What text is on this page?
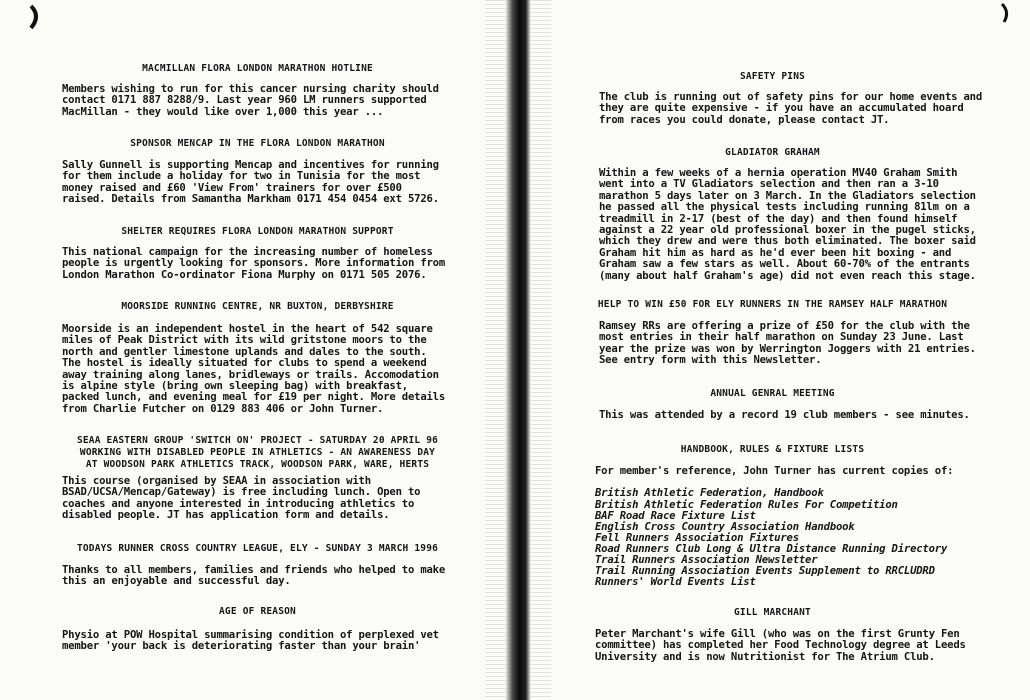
MACMILLAN FLORA LONDON MARATHON HOTLINE

Members wishing to run for this cancer nursing charity should
contact 0171 887 8288/9. Last year 960 LM runners supported
MacMillan - they would like over 1,000 this year ...

SPONSOR MENCAP IN THE FLORA LONDON MARATHON

Sally Gunnell is supporting Mencap and incentives for running
for them include a holiday for two in Tunisia for the most
money raised and £60 'View From' trainers for over £500
raised. Details from Samantha Markham 0171 454 0454 ext 5726.

SHELTER REQUIRES FLORA LONDON MARATHON SUPPORT

This national campaign for the increasing number of homeless
people is urgently looking for sponsors. More information from
London Marathon Co-ordinator Fiona Murphy on 0171 505 2076.

MOORSIDE RUNNING CENTRE, NR BUXTON, DERBYSHIRE

Moorside is an independent hostel in the heart of 542 square
miles of Peak District with its wild gritstone moors to the
north and gentler limestone uplands and dales to the south.
The hostel is ideally situated for clubs to spend a weekend
away training along lanes, bridleways or trails. Accomodation
is alpine style (bring own sleeping bag) with breakfast,
packed lunch, and evening meal for £19 per night. More details
from Charlie Futcher on 0129 883 406 or John Turner.

SEAA EASTERN GROUP 'SWITCH ON' PROJECT - SATURDAY 20 APRIL 96
WORKING WITH DISABLED PEOPLE IN ATHLETICS - AN AWARENESS DAY
AT WOODSON PARK ATHLETICS TRACK, WOODSON PARK, WARE, HERTS

This course (organised by SEAA in association with
BSAD/UCSA/Mencap/Gateway) is free including lunch. Open to
coaches and anyone interested in introducing athletics to
disabled people. JT has application form and details.

TODAYS RUNNER CROSS COUNTRY LEAGUE, ELY - SUNDAY 3 MARCH 1996

Thanks to all members, families and friends who helped to make
this an enjoyable and successful day.

AGE OF REASON

Physio at POW Hospital summarising condition of perplexed vet
member 'your back is deteriorating faster than your brain'

SAFETY PINS

The club is running out of safety pins for our home events and
they are quite expensive - if you have an accumulated hoard
from races you could donate, please contact JT.

GLADIATOR GRAHAM

Within a few weeks of a hernia operation MV40 Graham Smith
went into a TV Gladiators selection and then ran a 3-10
marathon 5 days later on 3 March. In the Gladiators selection
he passed all the physical tests including running 81lm on a
treadmill in 2-17 (best of the day) and then found himself
against a 22 year old professional boxer in the pugel sticks,
which they drew and were thus both eliminated. The boxer said
Graham hit him as hard as he'd ever been hit boxing - and
Graham saw a few stars as well. About 60-70% of the entrants
(many about half Graham's age) did not even reach this stage.

HELP TO WIN £50 FOR ELY RUNNERS IN THE RAMSEY HALF MARATHON

Ramsey RRs are offering a prize of £50 for the club with the
most entries in their half marathon on Sunday 23 June. Last
year the prize was won by Werrington Joggers with 21 entries.
See entry form with this Newsletter.

ANNUAL GENRAL MEETING

This was attended by a record 19 club members - see minutes.

HANDBOOK, RULES & FIXTURE LISTS

For member's reference, John Turner has current copies of:

British Athletic Federation, Handbook

British Athletic Federation Rules For Competition

BAF Road Race Fixture List

English Cross Country Association Handbook

Fell Runners Association Fixtures

Road Runners Club Long & Ultra Distance Running Directory

Trail Runners Association Newsletter

Trail Running Association Events Supplement to RRCLUDRD

Runners' World Events List

GILL MARCHANT

Peter Marchant's wife Gill (who was on the first Grunty Fen
committee) has completed her Food Technology degree at Leeds
University and is now Nutritionist for The Atrium Club.
